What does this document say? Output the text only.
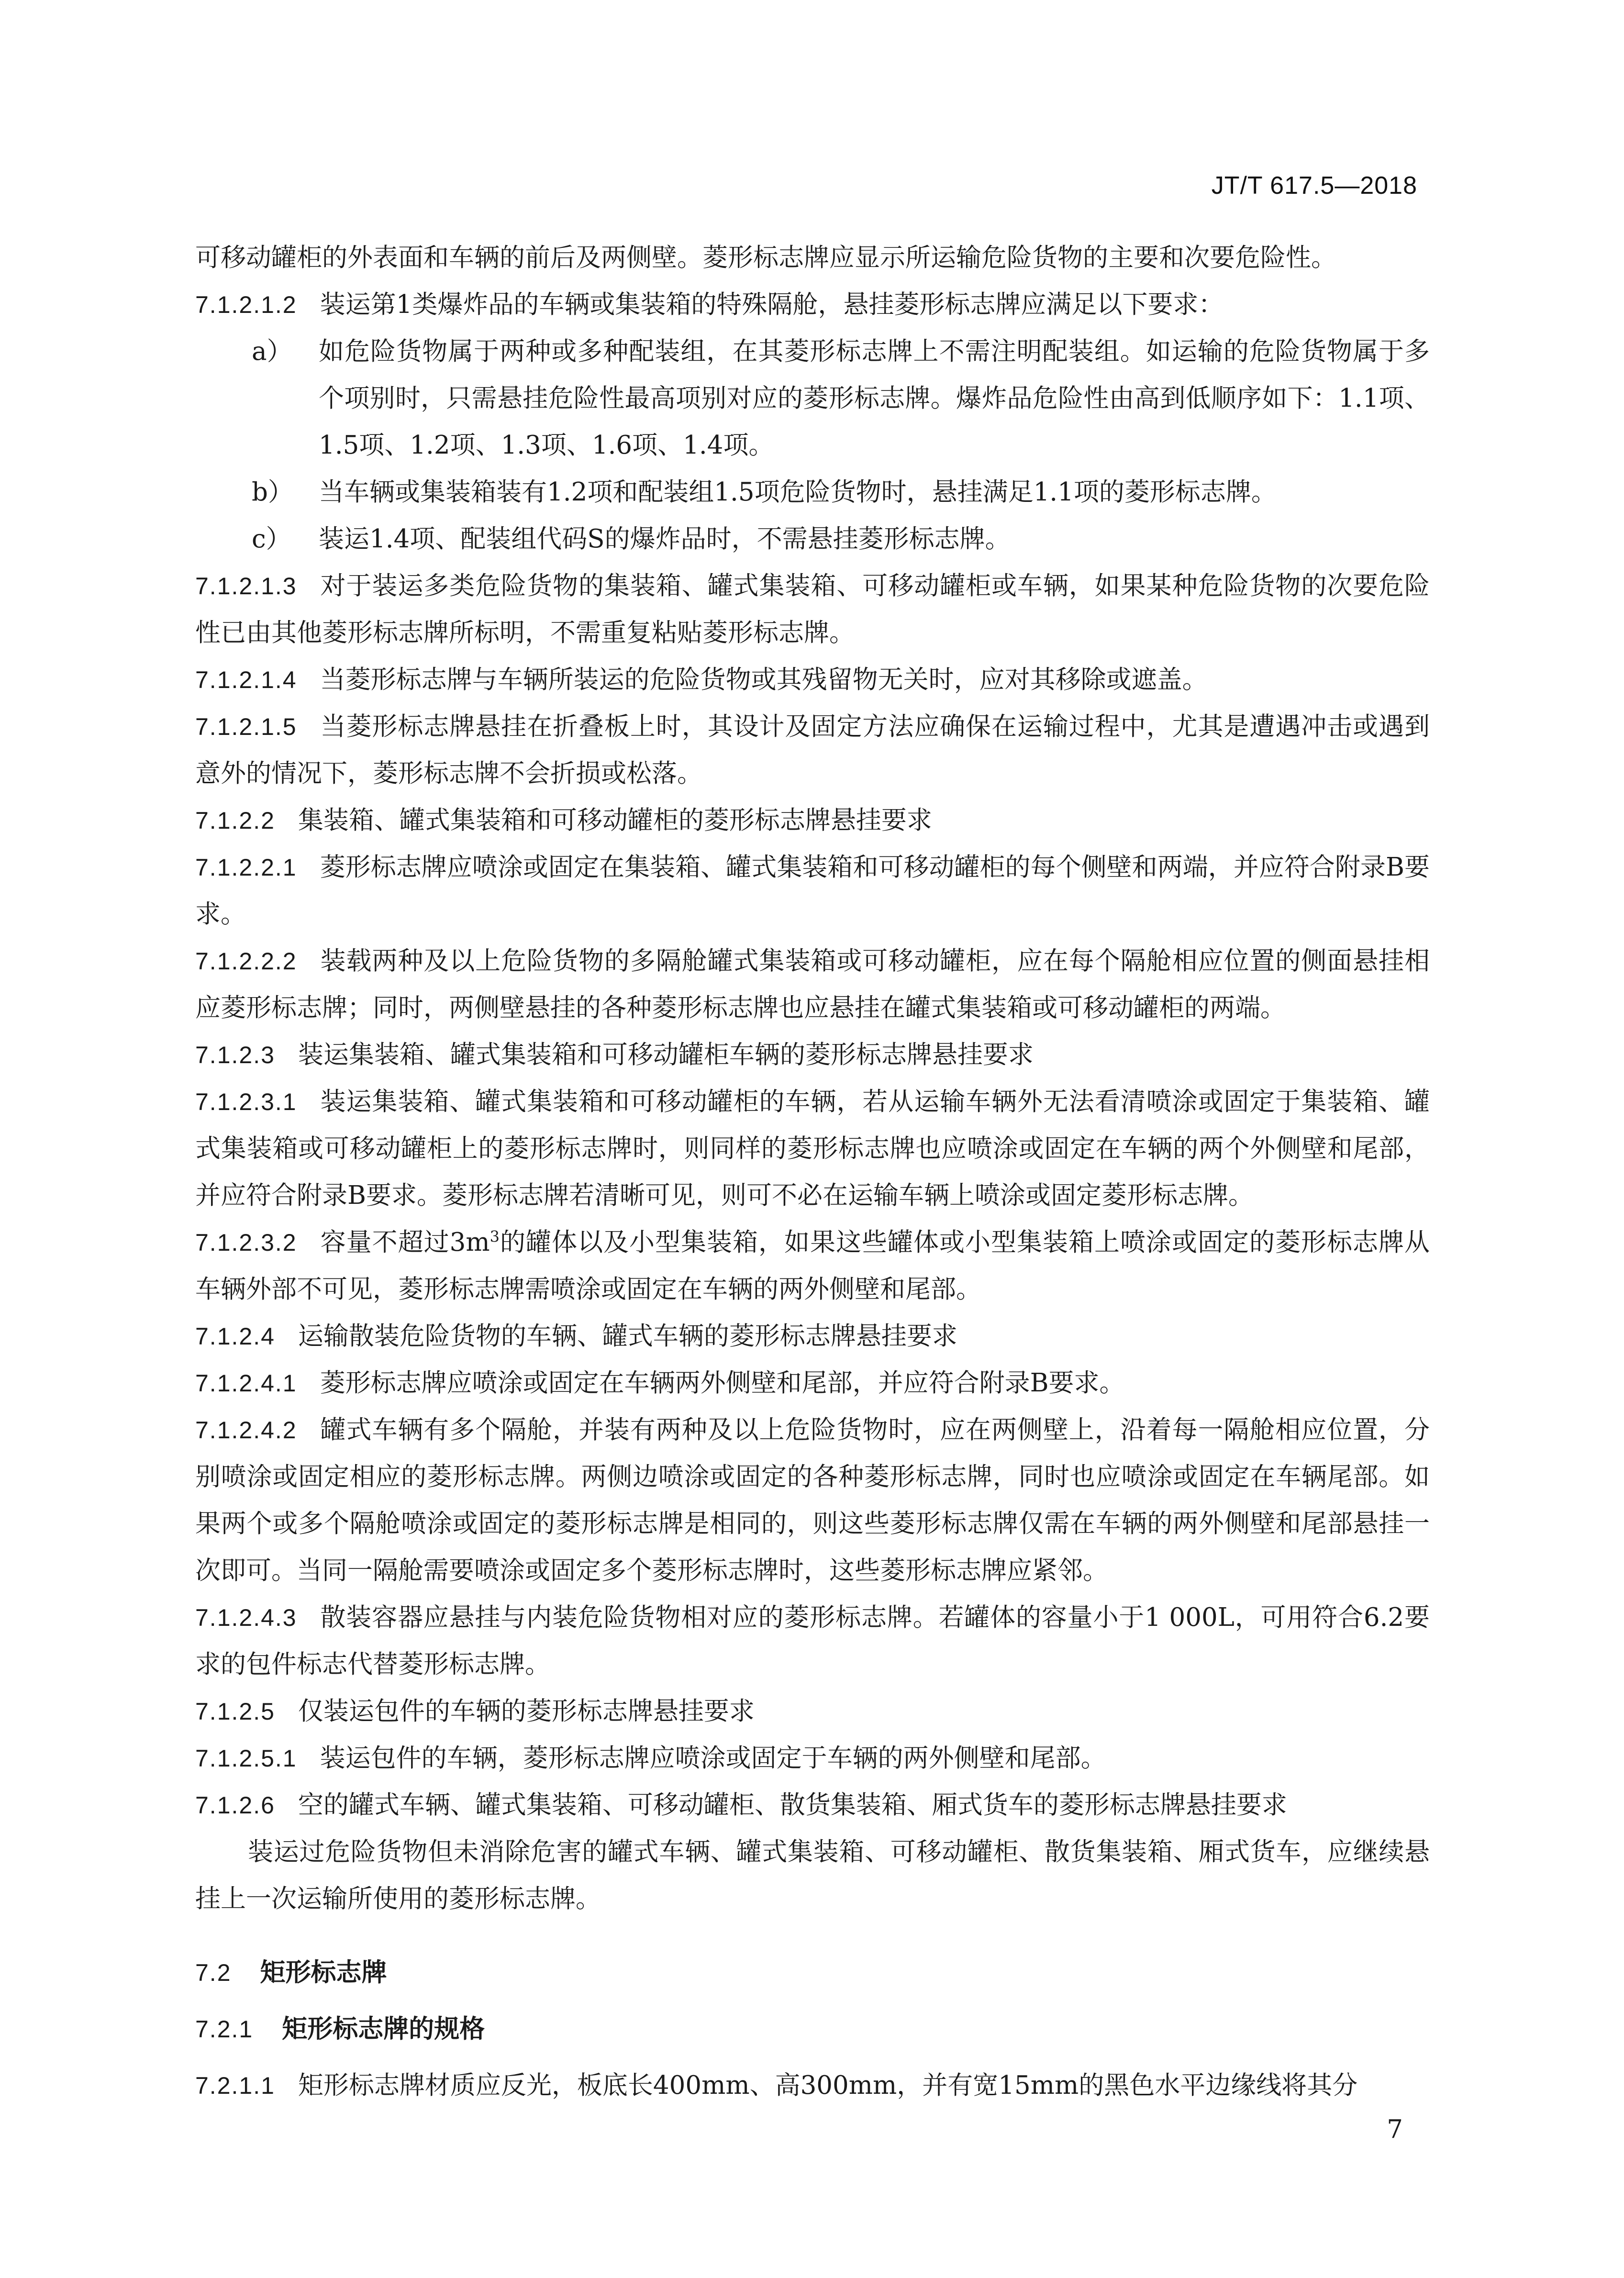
JT/T 617.5—2018

可移动罐柜的外表面和车辆的前后及两侧壁。菱形标志牌应显示所运输危险货物的主要和次要危险性。

7.1.2.1.2 装运第1类爆炸品的车辆或集装箱的特殊隔舱，悬挂菱形标志牌应满足以下要求：

a）	如危险货物属于两种或多种配装组，在其菱形标志牌上不需注明配装组。如运输的危险货物属于多个项别时，只需悬挂危险性最高项别对应的菱形标志牌。爆炸品危险性由高到低顺序如下：1.1项、1.5项、1.2项、1.3项、1.6项、1.4项。
b）	当车辆或集装箱装有1.2项和配装组1.5项危险货物时，悬挂满足1.1项的菱形标志牌。
c）	装运1.4项、配装组代码S的爆炸品时，不需悬挂菱形标志牌。

7.1.2.1.3 对于装运多类危险货物的集装箱、罐式集装箱、可移动罐柜或车辆，如果某种危险货物的次要危险性已由其他菱形标志牌所标明，不需重复粘贴菱形标志牌。

7.1.2.1.4 当菱形标志牌与车辆所装运的危险货物或其残留物无关时，应对其移除或遮盖。

7.1.2.1.5 当菱形标志牌悬挂在折叠板上时，其设计及固定方法应确保在运输过程中，尤其是遭遇冲击或遇到意外的情况下，菱形标志牌不会折损或松落。

7.1.2.2 集装箱、罐式集装箱和可移动罐柜的菱形标志牌悬挂要求

7.1.2.2.1 菱形标志牌应喷涂或固定在集装箱、罐式集装箱和可移动罐柜的每个侧壁和两端，并应符合附录B要求。

7.1.2.2.2 装载两种及以上危险货物的多隔舱罐式集装箱或可移动罐柜，应在每个隔舱相应位置的侧面悬挂相应菱形标志牌；同时，两侧壁悬挂的各种菱形标志牌也应悬挂在罐式集装箱或可移动罐柜的两端。

7.1.2.3 装运集装箱、罐式集装箱和可移动罐柜车辆的菱形标志牌悬挂要求

7.1.2.3.1 装运集装箱、罐式集装箱和可移动罐柜的车辆，若从运输车辆外无法看清喷涂或固定于集装箱、罐式集装箱或可移动罐柜上的菱形标志牌时，则同样的菱形标志牌也应喷涂或固定在车辆的两个外侧壁和尾部，并应符合附录B要求。菱形标志牌若清晰可见，则可不必在运输车辆上喷涂或固定菱形标志牌。

7.1.2.3.2 容量不超过$3m^3$的罐体以及小型集装箱，如果这些罐体或小型集装箱上喷涂或固定的菱形标志牌从车辆外部不可见，菱形标志牌需喷涂或固定在车辆的两外侧壁和尾部。

7.1.2.4 运输散装危险货物的车辆、罐式车辆的菱形标志牌悬挂要求

7.1.2.4.1 菱形标志牌应喷涂或固定在车辆两外侧壁和尾部，并应符合附录B要求。

7.1.2.4.2 罐式车辆有多个隔舱，并装有两种及以上危险货物时，应在两侧壁上，沿着每一隔舱相应位置，分别喷涂或固定相应的菱形标志牌。两侧边喷涂或固定的各种菱形标志牌，同时也应喷涂或固定在车辆尾部。如果两个或多个隔舱喷涂或固定的菱形标志牌是相同的，则这些菱形标志牌仅需在车辆的两外侧壁和尾部悬挂一次即可。当同一隔舱需要喷涂或固定多个菱形标志牌时，这些菱形标志牌应紧邻。

7.1.2.4.3 散装容器应悬挂与内装危险货物相对应的菱形标志牌。若罐体的容量小于1 000L，可用符合6.2要求的包件标志代替菱形标志牌。

7.1.2.5 仅装运包件的车辆的菱形标志牌悬挂要求

7.1.2.5.1 装运包件的车辆，菱形标志牌应喷涂或固定于车辆的两外侧壁和尾部。

7.1.2.6 空的罐式车辆、罐式集装箱、可移动罐柜、散货集装箱、厢式货车的菱形标志牌悬挂要求

装运过危险货物但未消除危害的罐式车辆、罐式集装箱、可移动罐柜、散货集装箱、厢式货车，应继续悬挂上一次运输所使用的菱形标志牌。

7.2 矩形标志牌
7.2.1 矩形标志牌的规格

7.2.1.1 矩形标志牌材质应反光，板底长400mm、高300mm，并有宽15mm的黑色水平边缘线将其分

7
